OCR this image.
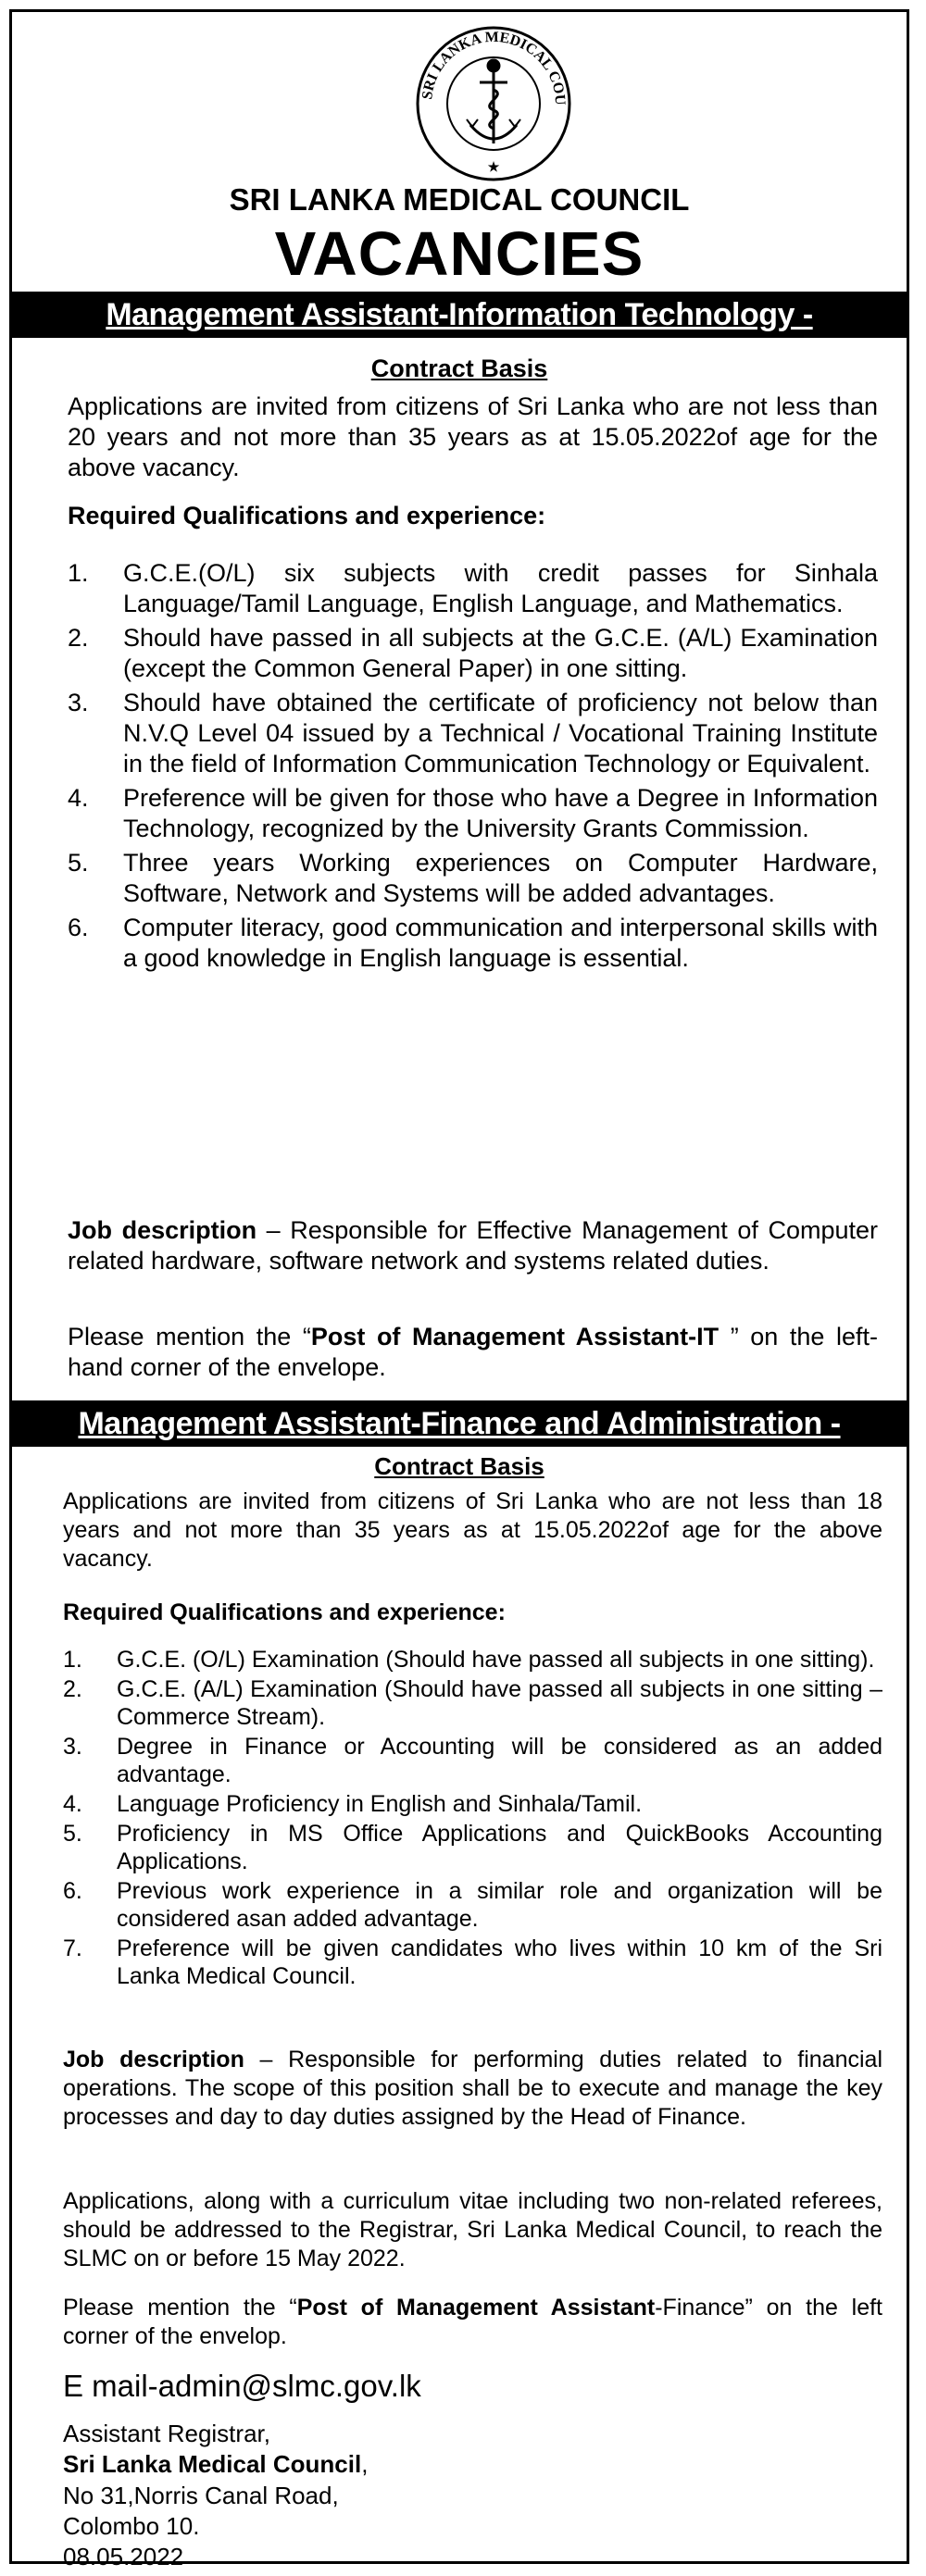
SRI LANKA MEDICAL COU
★
SRI LANKA MEDICAL COUNCIL
VACANCIES
Management Assistant-Information Technology -
Contract Basis
Applications are invited from citizens of Sri Lanka who are not less than 20 years and not more than 35 years as at 15.05.2022of age for the above vacancy.
Required Qualifications and experience:
1. G.C.E.(O/L) six subjects with credit passes for Sinhala Language/Tamil Language, English Language, and Mathematics.
2. Should have passed in all subjects at the G.C.E. (A/L) Examination (except the Common General Paper) in one sitting.
3. Should have obtained the certificate of proficiency not below than N.V.Q Level 04 issued by a Technical / Vocational Training Institute in the field of Information Communication Technology or Equivalent.
4. Preference will be given for those who have a Degree in Information Technology, recognized by the University Grants Commission.
5. Three years Working experiences on Computer Hardware, Software, Network and Systems will be added advantages.
6. Computer literacy, good communication and interpersonal skills with a good knowledge in English language is essential.
Job description – Responsible for Effective Management of Computer related hardware, software network and systems related duties.
Please mention the “Post of Management Assistant-IT ” on the left-hand corner of the envelope.
Management Assistant-Finance and Administration -
Contract Basis
Applications are invited from citizens of Sri Lanka who are not less than 18 years and not more than 35 years as at 15.05.2022of age for the above vacancy.
Required Qualifications and experience:
1. G.C.E. (O/L) Examination (Should have passed all subjects in one sitting).
2. G.C.E. (A/L) Examination (Should have passed all subjects in one sitting – Commerce Stream).
3. Degree in Finance or Accounting will be considered as an added advantage.
4. Language Proficiency in English and Sinhala/Tamil.
5. Proficiency in MS Office Applications and QuickBooks Accounting Applications.
6. Previous work experience in a similar role and organization will be considered asan added advantage.
7. Preference will be given candidates who lives within 10 km of the Sri Lanka Medical Council.
Job description – Responsible for performing duties related to financial operations. The scope of this position shall be to execute and manage the key processes and day to day duties assigned by the Head of Finance.
Applications, along with a curriculum vitae including two non-related referees, should be addressed to the Registrar, Sri Lanka Medical Council, to reach the SLMC on or before 15 May 2022.
Please mention the “Post of Management Assistant-Finance” on the left corner of the envelop.
E mail-admin@slmc.gov.lk
Assistant Registrar,
Sri Lanka Medical Council,
No 31,Norris Canal Road,
Colombo 10.
08.05.2022
